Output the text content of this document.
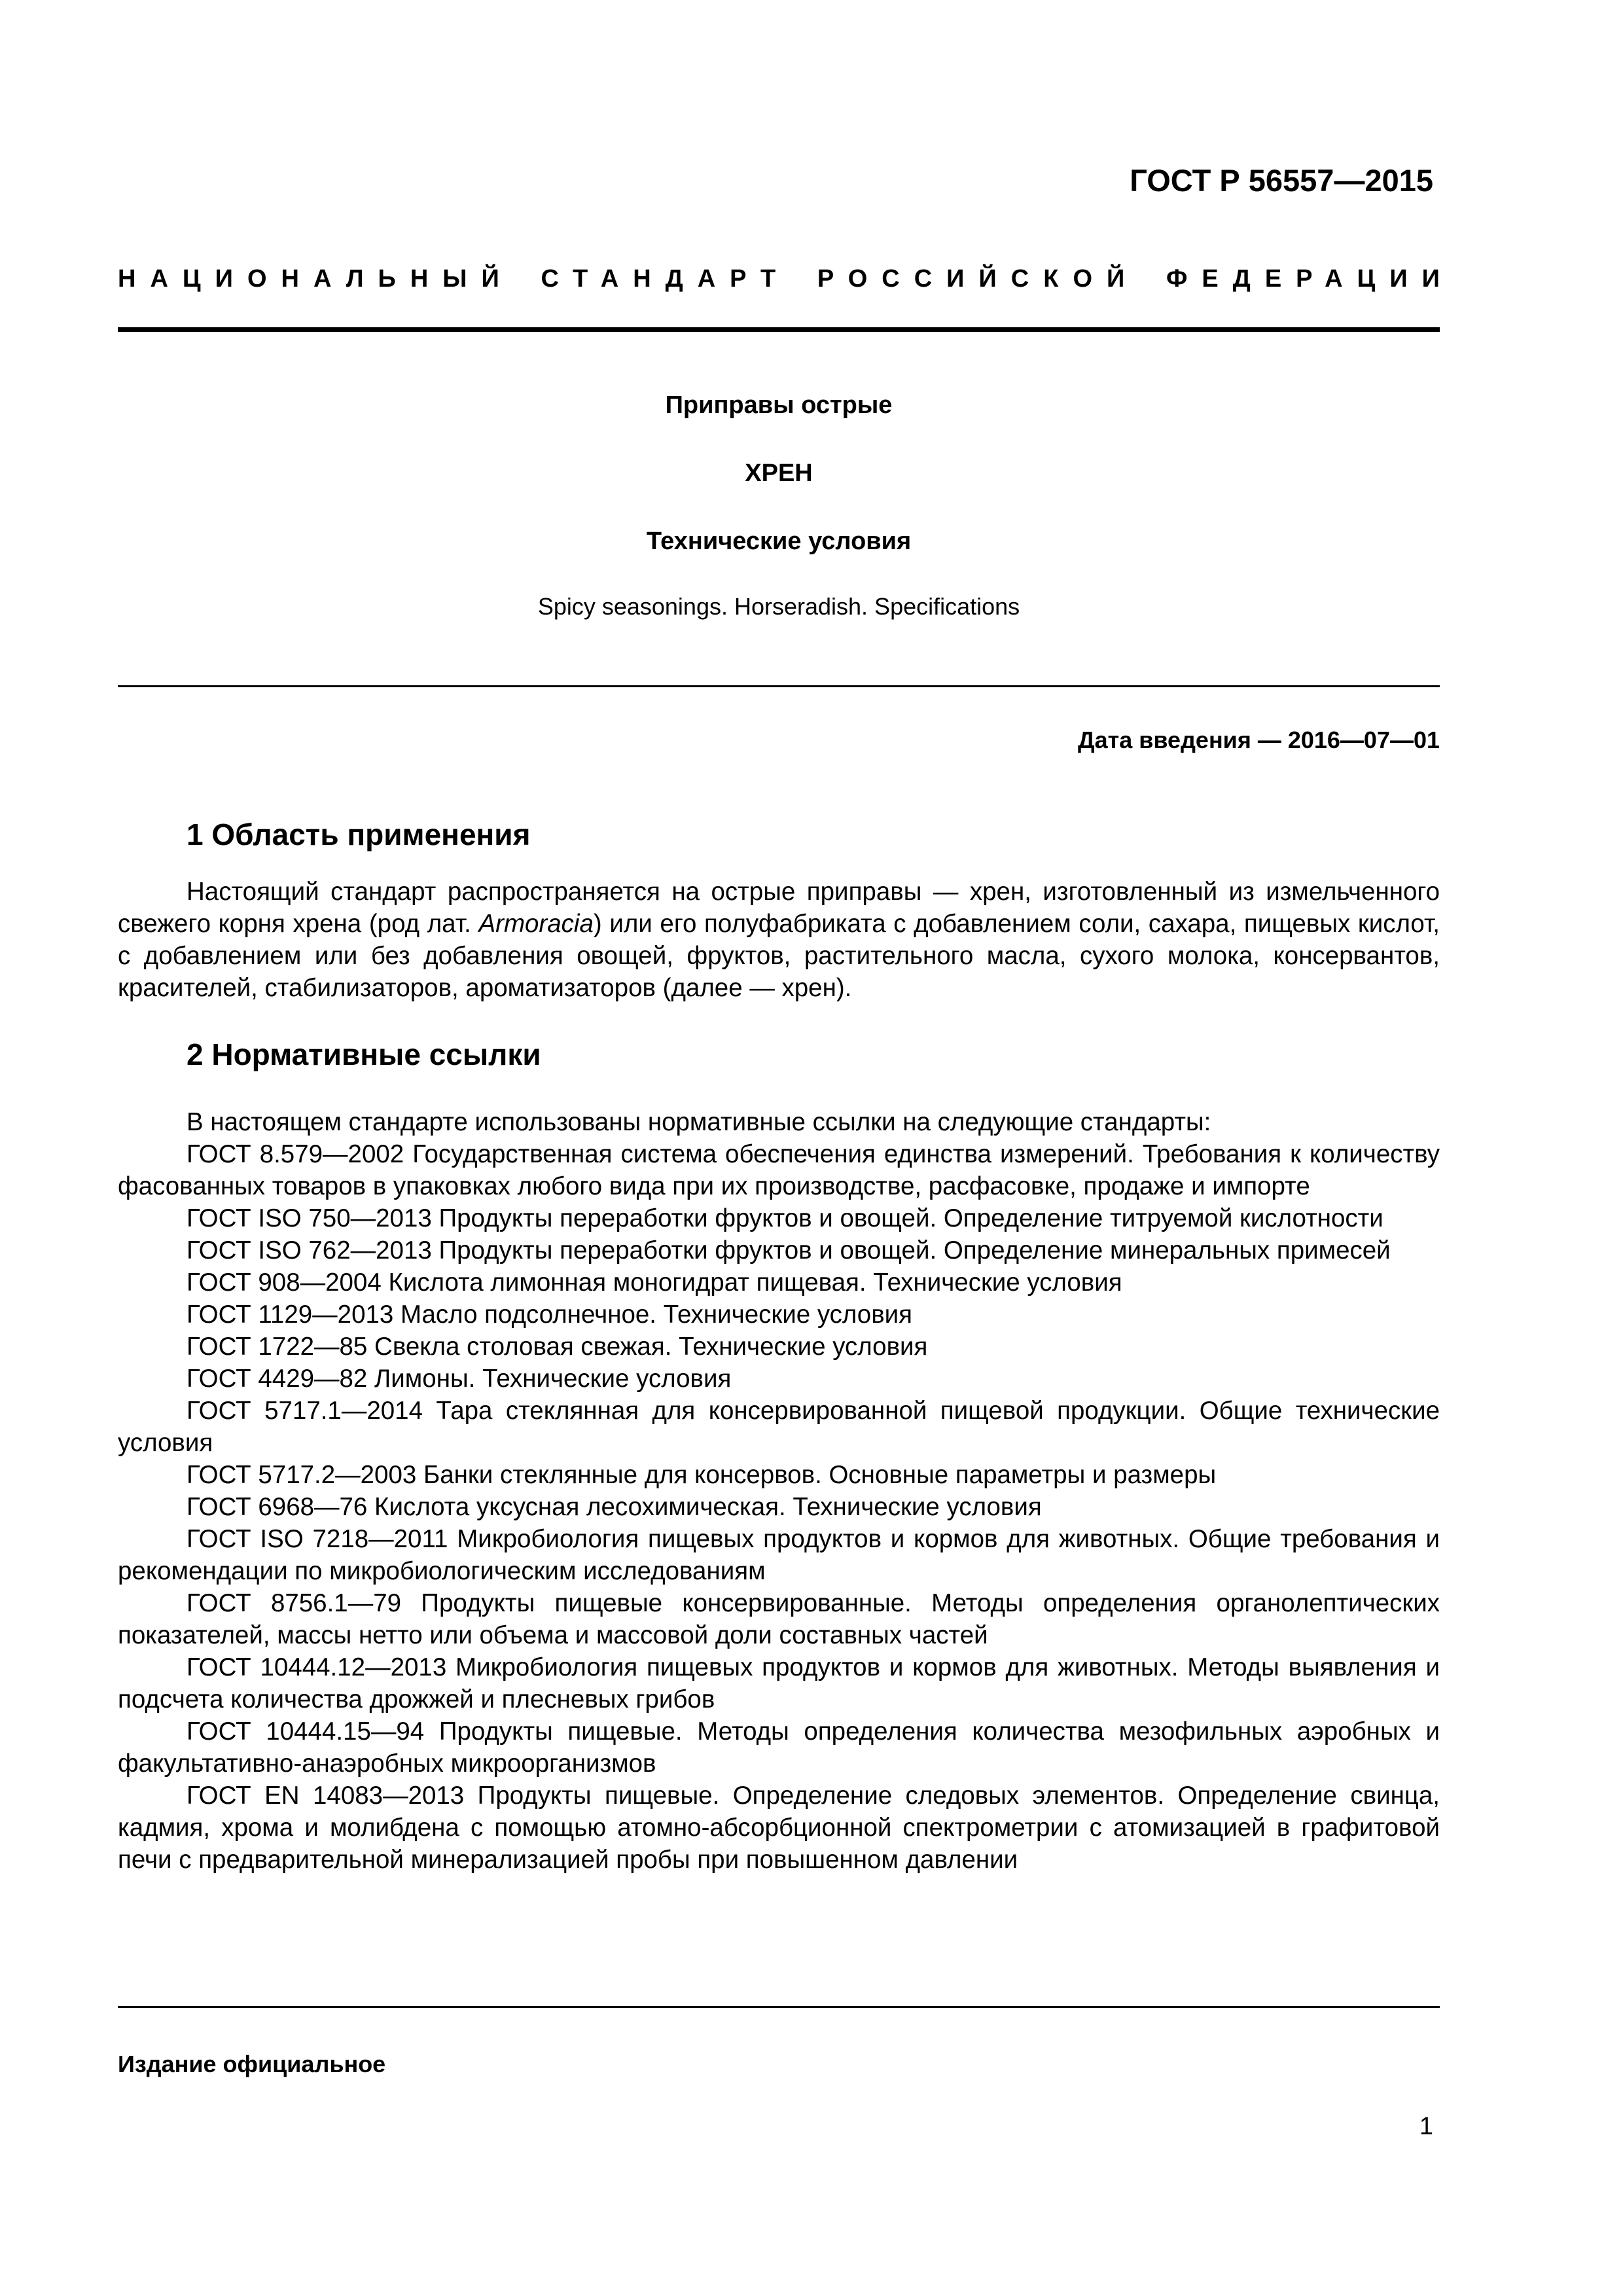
ГОСТ Р 56557—2015
НАЦИОНАЛЬНЫЙ СТАНДАРТ РОССИЙСКОЙ ФЕДЕРАЦИИ
Приправы острые
ХРЕН
Технические условия
Spicy seasonings. Horseradish. Specifications
Дата введения — 2016—07—01
1 Область применения

Настоящий стандарт распространяется на острые приправы — хрен, изготовленный из измельченного свежего корня хрена (род лат. Armoracia) или его полуфабриката с добавлением соли, сахара, пищевых кислот, с добавлением или без добавления овощей, фруктов, растительного масла, сухого молока, консервантов, красителей, стабилизаторов, ароматизаторов (далее — хрен).

2 Нормативные ссылки

В настоящем стандарте использованы нормативные ссылки на следующие стандарты:

ГОСТ 8.579—2002 Государственная система обеспечения единства измерений. Требования к количеству фасованных товаров в упаковках любого вида при их производстве, расфасовке, продаже и импорте

ГОСТ ISO 750—2013 Продукты переработки фруктов и овощей. Определение титруемой кислотности

ГОСТ ISO 762—2013 Продукты переработки фруктов и овощей. Определение минеральных примесей

ГОСТ 908—2004 Кислота лимонная моногидрат пищевая. Технические условия

ГОСТ 1129—2013 Масло подсолнечное. Технические условия

ГОСТ 1722—85 Свекла столовая свежая. Технические условия

ГОСТ 4429—82 Лимоны. Технические условия

ГОСТ 5717.1—2014 Тара стеклянная для консервированной пищевой продукции. Общие технические условия

ГОСТ 5717.2—2003 Банки стеклянные для консервов. Основные параметры и размеры

ГОСТ 6968—76 Кислота уксусная лесохимическая. Технические условия

ГОСТ ISO 7218—2011 Микробиология пищевых продуктов и кормов для животных. Общие требования и рекомендации по микробиологическим исследованиям

ГОСТ 8756.1—79 Продукты пищевые консервированные. Методы определения органолептических показателей, массы нетто или объема и массовой доли составных частей

ГОСТ 10444.12—2013 Микробиология пищевых продуктов и кормов для животных. Методы выявления и подсчета количества дрожжей и плесневых грибов

ГОСТ 10444.15—94 Продукты пищевые. Методы определения количества мезофильных аэробных и факультативно-анаэробных микроорганизмов

ГОСТ EN 14083—2013 Продукты пищевые. Определение следовых элементов. Определение свинца, кадмия, хрома и молибдена с помощью атомно-абсорбционной спектрометрии с атомизацией в графитовой печи с предварительной минерализацией пробы при повышенном давлении

Издание официальное
1
